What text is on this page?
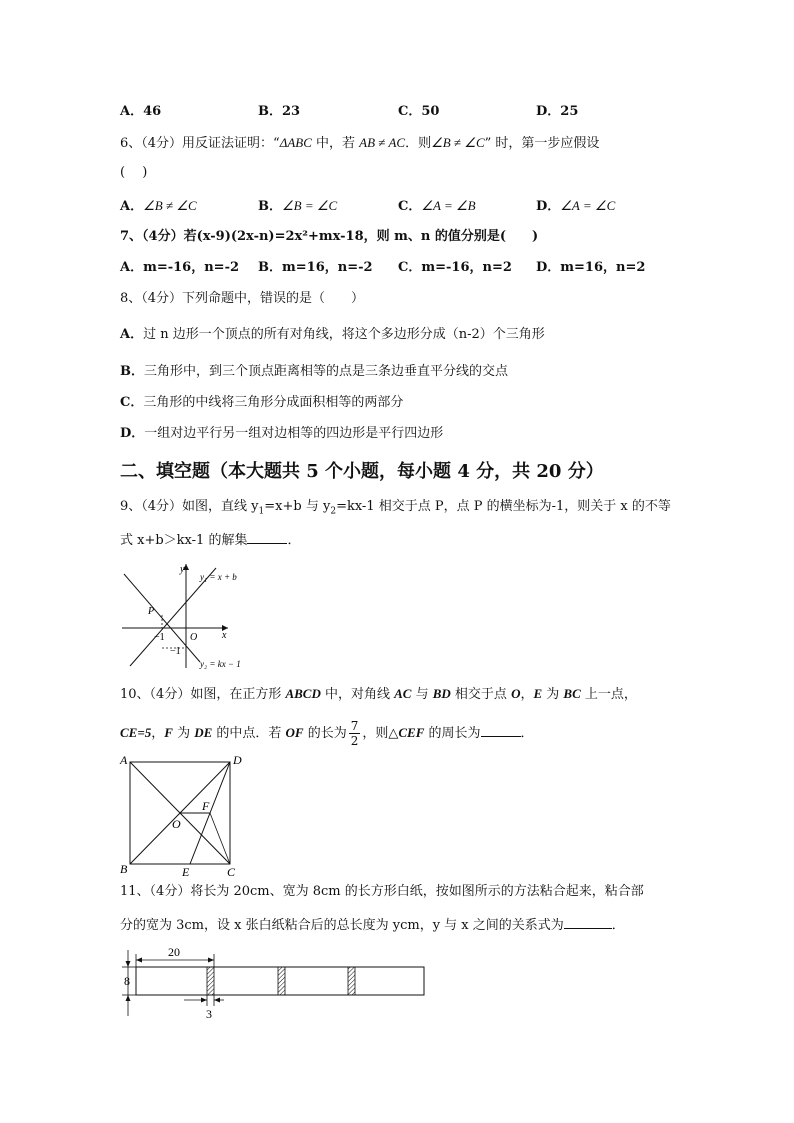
A．46	B．23	C．50	D．25
6、（4分）用反证法证明：“ΔABC 中，若 AB ≠ AC．则∠B ≠ ∠C” 时，第一步应假设
(　 )
A．∠B ≠ ∠C	B．∠B = ∠C	C．∠A = ∠B	D．∠A = ∠C
7、（4分）若(x-9)(2x-n)=2x²+mx-18，则 m、n 的值分别是(　　)
A．m=-16，n=-2 B．m=16，n=-2 C．m=-16，n=2 D．m=16，n=2
8、（4分）下列命题中，错误的是（　　）
A．过 n 边形一个顶点的所有对角线，将这个多边形分成（n-2）个三角形
B．三角形中，到三个顶点距离相等的点是三条边垂直平分线的交点
C．三角形的中线将三角形分成面积相等的两部分
D．一组对边平行另一组对边相等的四边形是平行四边形
二、填空题（本大题共 5 个小题，每小题 4 分，共 20 分）
9、（4分）如图，直线 $y_1=x+b$ 与 $y_2=kx-1$ 相交于点 P，点 P 的横坐标为-1，则关于 x 的不等
式 x+b＞kx-1 的解集	．
y
x
O
P
−1
−1
y₁ = x + b
y₂ = kx − 1
10、（4分）如图，在正方形 ABCD 中，对角线 AC 与 BD 相交于点 O，E 为 BC 上一点，
CE=5，F 为 DE 的中点．若 OF 的长为 $\frac{7}{2}$ ，则△CEF 的周长为	．
A	D
B	C
E
F
O
11、（4分）将长为 20cm、宽为 8cm 的长方形白纸，按如图所示的方法粘合起来，粘合部
分的宽为 3cm，设 x 张白纸粘合后的总长度为 ycm，y 与 x 之间的关系式为	．
20
8
3
